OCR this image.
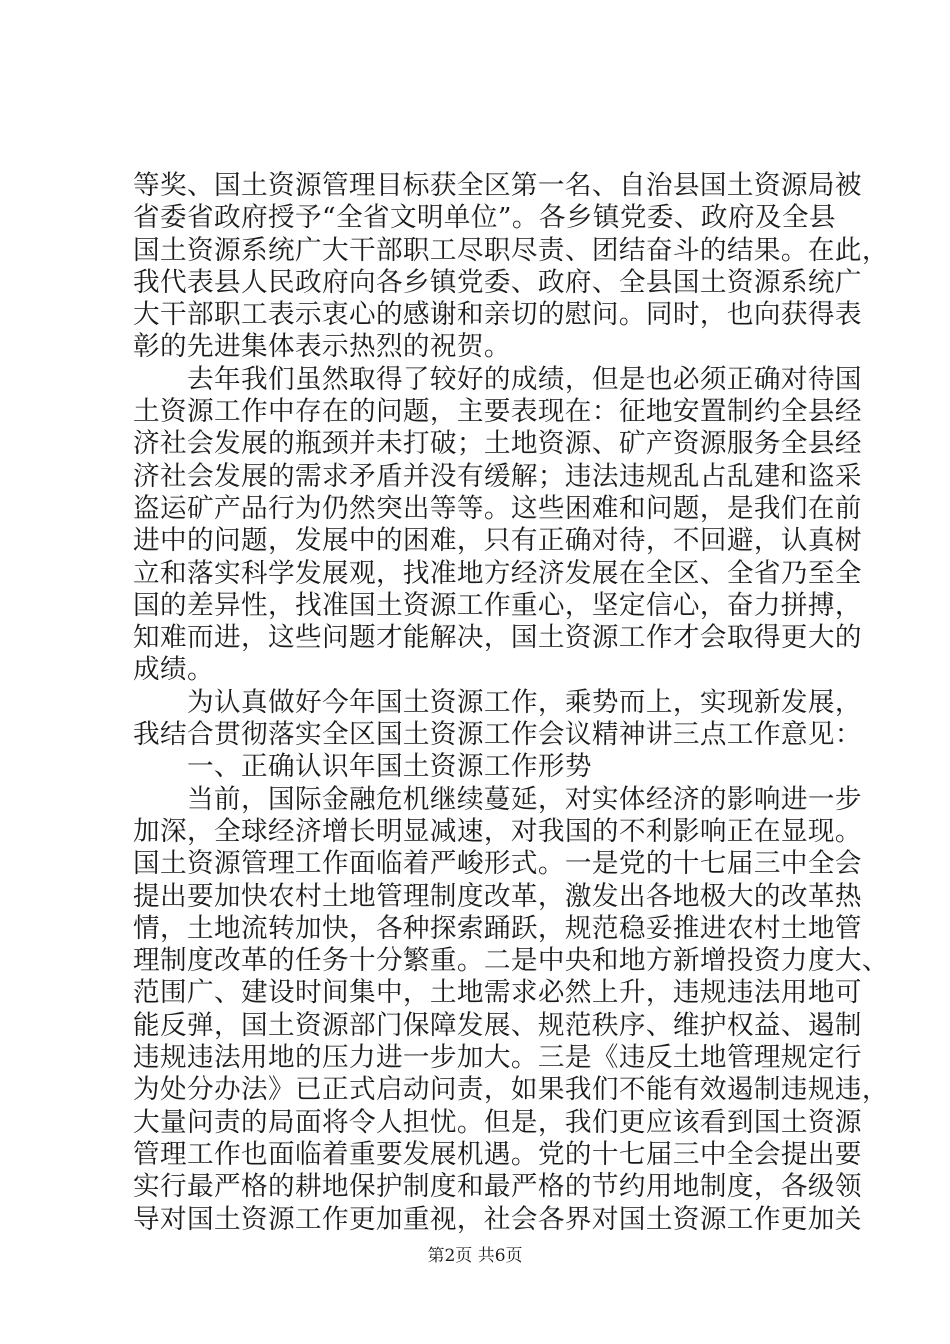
等奖、国土资源管理目标获全区第一名、自治县国土资源局被
省委省政府授予“全省文明单位”。各乡镇党委、政府及全县
国土资源系统广大干部职工尽职尽责、团结奋斗的结果。在此，
我代表县人民政府向各乡镇党委、政府、全县国土资源系统广
大干部职工表示衷心的感谢和亲切的慰问。同时，也向获得表
彰的先进集体表示热烈的祝贺。
　　去年我们虽然取得了较好的成绩，但是也必须正确对待国
土资源工作中存在的问题，主要表现在：征地安置制约全县经
济社会发展的瓶颈并未打破；土地资源、矿产资源服务全县经
济社会发展的需求矛盾并没有缓解；违法违规乱占乱建和盗采
盗运矿产品行为仍然突出等等。这些困难和问题，是我们在前
进中的问题，发展中的困难，只有正确对待，不回避，认真树
立和落实科学发展观，找准地方经济发展在全区、全省乃至全
国的差异性，找准国土资源工作重心，坚定信心，奋力拼搏，
知难而进，这些问题才能解决，国土资源工作才会取得更大的
成绩。
　　为认真做好今年国土资源工作，乘势而上，实现新发展，
我结合贯彻落实全区国土资源工作会议精神讲三点工作意见：
　　一、正确认识年国土资源工作形势
　　当前，国际金融危机继续蔓延，对实体经济的影响进一步
加深，全球经济增长明显减速，对我国的不利影响正在显现。
国土资源管理工作面临着严峻形式。一是党的十七届三中全会
提出要加快农村土地管理制度改革，激发出各地极大的改革热
情，土地流转加快，各种探索踊跃，规范稳妥推进农村土地管
理制度改革的任务十分繁重。二是中央和地方新增投资力度大、
范围广、建设时间集中，土地需求必然上升，违规违法用地可
能反弹，国土资源部门保障发展、规范秩序、维护权益、遏制
违规违法用地的压力进一步加大。三是《违反土地管理规定行
为处分办法》已正式启动问责，如果我们不能有效遏制违规违，
大量问责的局面将令人担忧。但是，我们更应该看到国土资源
管理工作也面临着重要发展机遇。党的十七届三中全会提出要
实行最严格的耕地保护制度和最严格的节约用地制度，各级领
导对国土资源工作更加重视，社会各界对国土资源工作更加关
第2页 共6页
